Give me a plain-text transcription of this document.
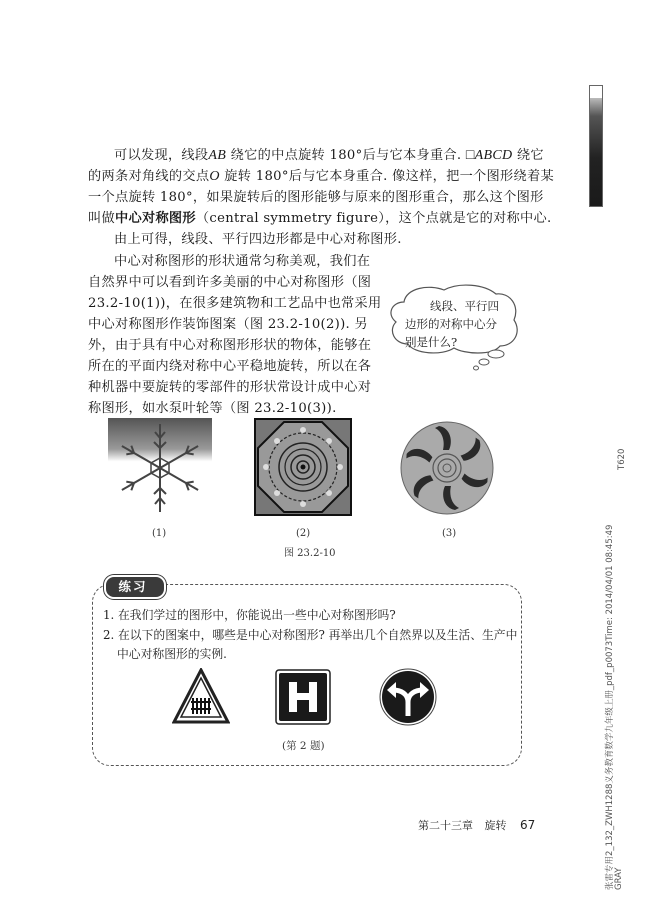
可以发现，线段AB 绕它的中点旋转 180°后与它本身重合. □ABCD 绕它
的两条对角线的交点O 旋转 180°后与它本身重合. 像这样，把一个图形绕着某
一个点旋转 180°，如果旋转后的图形能够与原来的图形重合，那么这个图形
叫做中心对称图形（central symmetry figure），这个点就是它的对称中心.
由上可得，线段、平行四边形都是中心对称图形.
中心对称图形的形状通常匀称美观，我们在
自然界中可以看到许多美丽的中心对称图形（图
23.2-10(1))，在很多建筑物和工艺品中也常采用
中心对称图形作装饰图案（图 23.2-10(2)). 另
外，由于具有中心对称图形形状的物体，能够在
所在的平面内绕对称中心平稳地旋转，所以在各
种机器中要旋转的零部件的形状常设计成中心对
称图形，如水泵叶轮等（图 23.2-10(3)).
线段、平行四
边形的对称中心分
别是什么?
(1)	(2)	(3)
图 23.2-10
练习
1. 在我们学过的图形中，你能说出一些中心对称图形吗?
2. 在以下的图案中，哪些是中心对称图形? 再举出几个自然界以及生活、生产中
中心对称图形的实例.
(第 2 题)
第二十三章 旋转 67
T620
张雷专用2_132_ZWH1288义务教育数学九年级上册_pdf_p0073Time: 2014/04/01 08:45:49 GRAY
